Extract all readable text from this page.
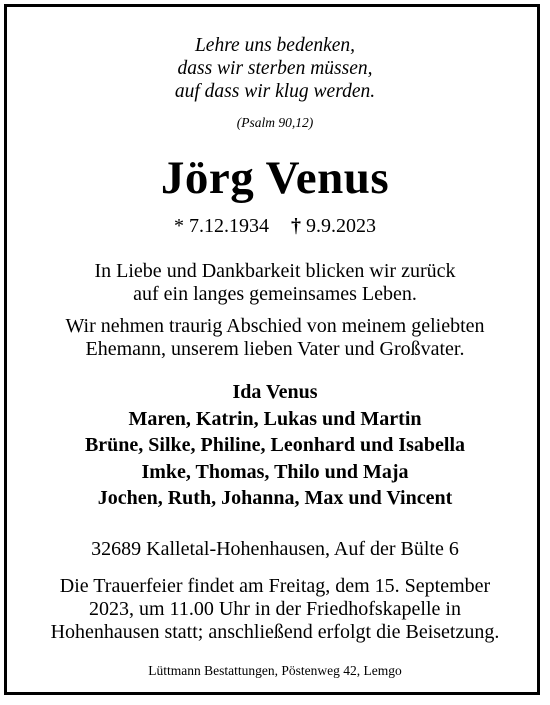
Lehre uns bedenken,
dass wir sterben müssen,
auf dass wir klug werden.
(Psalm 90,12)
Jörg Venus
* 7.12.1934 † 9.9.2023
In Liebe und Dankbarkeit blicken wir zurück
auf ein langes gemeinsames Leben.
Wir nehmen traurig Abschied von meinem geliebten
Ehemann, unserem lieben Vater und Großvater.
Ida Venus
Maren, Katrin, Lukas und Martin
Brüne, Silke, Philine, Leonhard und Isabella
Imke, Thomas, Thilo und Maja
Jochen, Ruth, Johanna, Max und Vincent
32689 Kalletal-Hohenhausen, Auf der Bülte 6
Die Trauerfeier findet am Freitag, dem 15. September
2023, um 11.00 Uhr in der Friedhofskapelle in
Hohenhausen statt; anschließend erfolgt die Beisetzung.
Lüttmann Bestattungen, Pöstenweg 42, Lemgo
